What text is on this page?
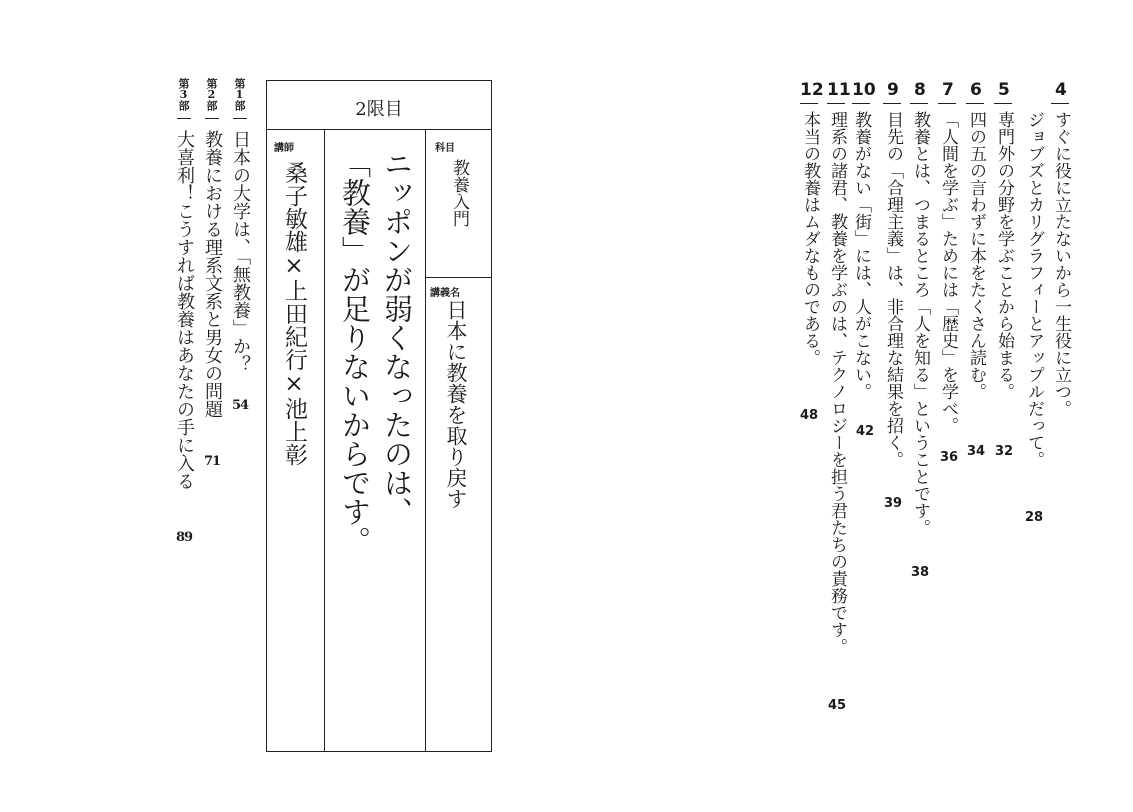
第1部
日本の大学は、「無教養」か？
54
第2部
教養における理系文系と男女の問題
71
第3部
大喜利！こうすれば教養はあなたの手に入る
89
2限目
科目
教養入門
講義名
日本に教養を取り戻す
ニッポンが弱くなったのは、
「教養」が足りないからです。
講師
桑子敏雄×上田紀行×池上彰
4
すぐに役に立たないから一生役に立つ。
ジョブズとカリグラフィーとアップルだって。
28
5
専門外の分野を学ぶことから始まる。
32
6
四の五の言わずに本をたくさん読む。
34
7
「人間を学ぶ」ためには「歴史」を学べ。
36
8
教養とは、つまるところ「人を知る」ということです。
38
9
目先の「合理主義」は、非合理な結果を招く。
39
10
教養がない「街」には、人がこない。
42
11
理系の諸君、教養を学ぶのは、テクノロジーを担う君たちの責務です。
45
12
本当の教養はムダなものである。
48
